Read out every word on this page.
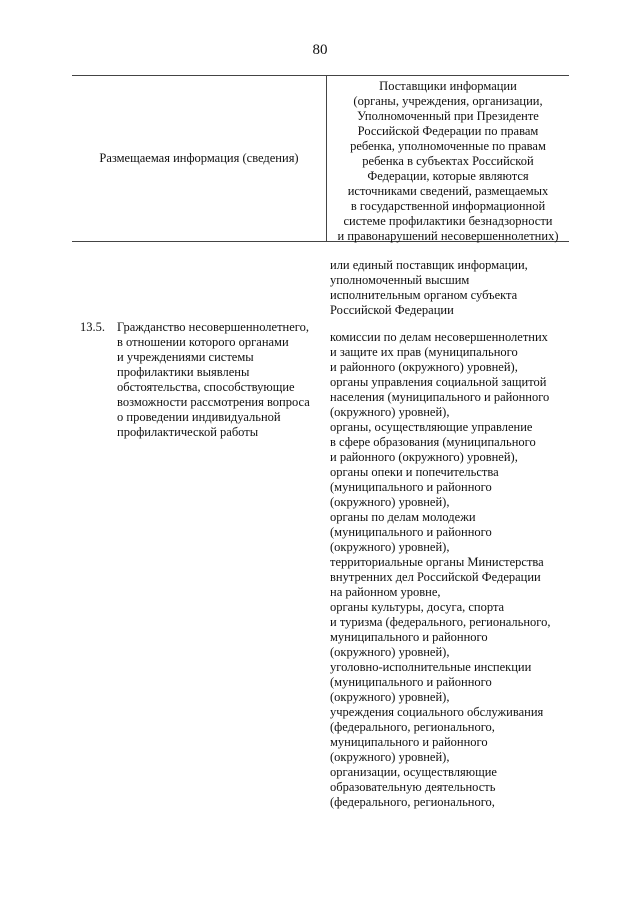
80
Размещаемая информация (сведения)
Поставщики информации
(органы, учреждения, организации,
Уполномоченный при Президенте
Российской Федерации по правам
ребенка, уполномоченные по правам
ребенка в субъектах Российской
Федерации, которые являются
источниками сведений, размещаемых
в государственной информационной
системе профилактики безнадзорности
и правонарушений несовершеннолетних)
или единый поставщик информации,
уполномоченный высшим
исполнительным органом субъекта
Российской Федерации
комиссии по делам несовершеннолетних
и защите их прав (муниципального
и районного (окружного) уровней),
органы управления социальной защитой
населения (муниципального и районного
(окружного) уровней),
органы, осуществляющие управление
в сфере образования (муниципального
и районного (окружного) уровней),
органы опеки и попечительства
(муниципального и районного
(окружного) уровней),
органы по делам молодежи
(муниципального и районного
(окружного) уровней),
территориальные органы Министерства
внутренних дел Российской Федерации
на районном уровне,
органы культуры, досуга, спорта
и туризма (федерального, регионального,
муниципального и районного
(окружного) уровней),
уголовно-исполнительные инспекции
(муниципального и районного
(окружного) уровней),
учреждения социального обслуживания
(федерального, регионального,
муниципального и районного
(окружного) уровней),
организации, осуществляющие
образовательную деятельность
(федерального, регионального,
13.5. Гражданство несовершеннолетнего,
в отношении которого органами
и учреждениями системы
профилактики выявлены
обстоятельства, способствующие
возможности рассмотрения вопроса
о проведении индивидуальной
профилактической работы
